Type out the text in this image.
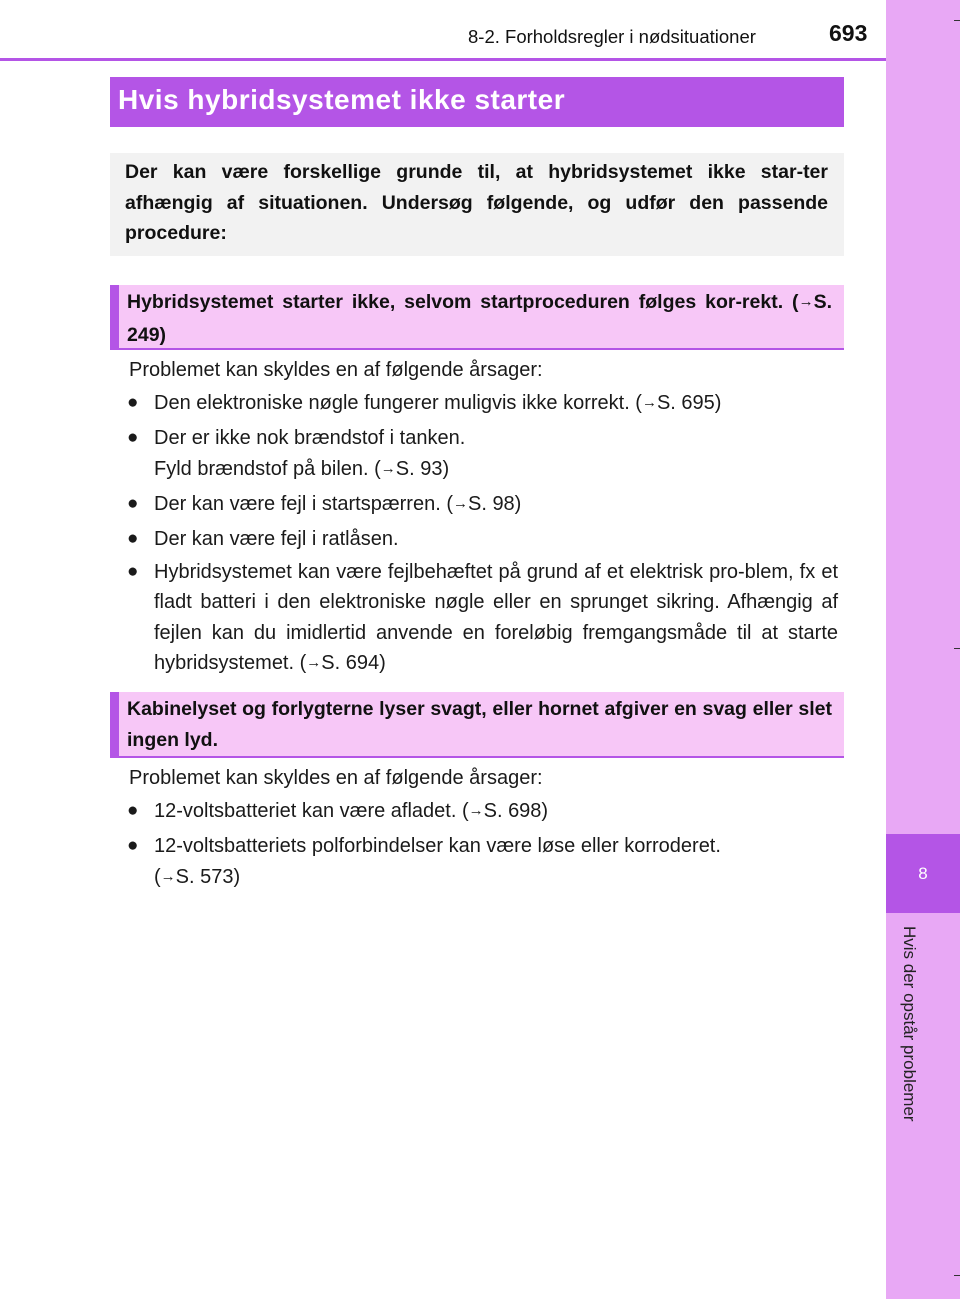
8
Hvis der opstår problemer
8-2. Forholdsregler i nødsituationer	693
Hvis hybridsystemet ikke starter
Der kan være forskellige grunde til, at hybridsystemet ikke star-ter afhængig af situationen. Undersøg følgende, og udfør den passende procedure:
Hybridsystemet starter ikke, selvom startproceduren følges kor-rekt. (→S. 249)
Problemet kan skyldes en af følgende årsager:
● Den elektroniske nøgle fungerer muligvis ikke korrekt. (→S. 695)
● Der er ikke nok brændstof i tanken.
Fyld brændstof på bilen. (→S. 93)
● Der kan være fejl i startspærren. (→S. 98)
● Der kan være fejl i ratlåsen.
● Hybridsystemet kan være fejlbehæftet på grund af et elektrisk pro-blem, fx et fladt batteri i den elektroniske nøgle eller en sprunget sikring. Afhængig af fejlen kan du imidlertid anvende en foreløbig fremgangsmåde til at starte hybridsystemet. (→S. 694)
Kabinelyset og forlygterne lyser svagt, eller hornet afgiver en svag eller slet ingen lyd.
Problemet kan skyldes en af følgende årsager:
● 12-voltsbatteriet kan være afladet. (→S. 698)
● 12-voltsbatteriets polforbindelser kan være løse eller korroderet.
(→S. 573)
